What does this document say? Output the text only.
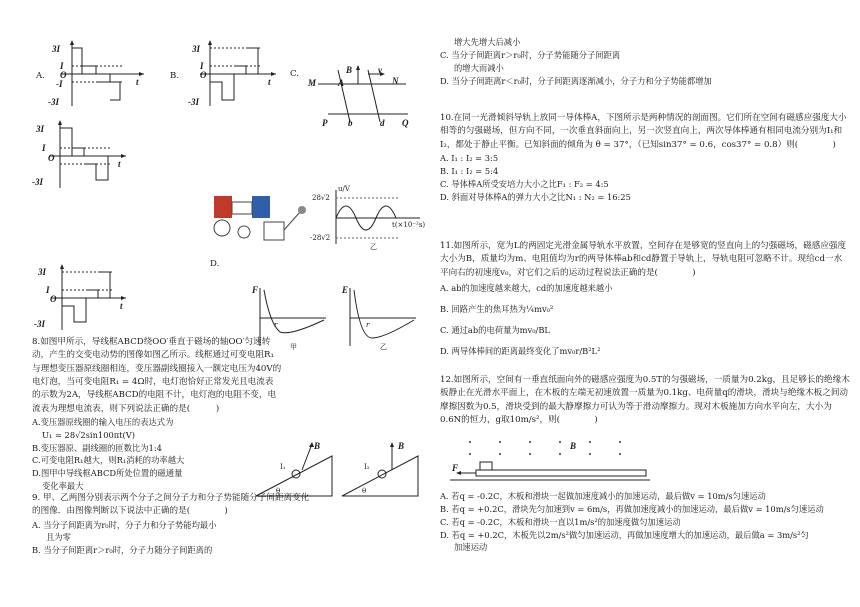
A.
3I
I
O
-I
-3I
t
B.
3I
I
O
-3I
t
C.
M A	N
B	v
P b	d Q
3I
I
O
-3I
t
u/V
28√2
-28√2
t(×10⁻²s)
乙
D.
3I
I
O
-3I
t
F	E
r	r
甲	乙

8.如图甲所示，导线框ABCD绕OO′垂直于磁场的轴OO′匀速转动，产生的交变电动势的图像如图乙所示。线框通过可变电阻R₁与理想变压器原线圈相连，变压器副线圈接入一额定电压为40V的电灯泡，当可变电阻R₁ = 4Ω时，电灯泡恰好正常发光且电流表的示数为2A，导线框ABCD的电阻不计，电灯泡的电阻不变，电流表为理想电流表，则下列说法正确的是(　　　)

A.变压器原线圈的输入电压的表达式为

U₁ = 28√2sin100πt(V)

B.变压器原、副线圈的匝数比为1:4

C.可变电阻R₁越大，则R₁消耗的功率越大

D.图甲中导线框ABCD所处位置的磁通量

变化率最大

I₁
B
θ
I₂
B
θ

9. 甲、乙两图分别表示两个分子之间分子力和分子势能随分子间距离变化的图像．由图像判断以下说法中正确的是(　　　　)

A. 当分子间距离为r₀时，分子力和分子势能均最小

且为零

B. 当分子间距离r＞r₀时，分子力随分子间距离的

增大先增大后减小

C. 当分子间距离r＞r₀时，分子势能随分子间距离

的增大而减小

D. 当分子间距离r＜r₀时，分子间距离逐渐减小，分子力和分子势能都增加

10.在同一光滑倾斜导轨上放同一导体棒A，下图所示是两种情况的剖面图。它们所在空间有磁感应强度大小相等的匀强磁场，但方向不同，一次垂直斜面向上，另一次竖直向上，两次导体棒通有相同电流分别为I₁和I₂，都处于静止平衡。已知斜面的倾角为 θ = 37°，（已知sin37° = 0.6，cos37° = 0.8）则(　　　　)

A. I₁ : I₂ = 3:5

B. I₁ : I₂ = 5:4

C. 导体棒A所受安培力大小之比F₁ : F₂ = 4:5

D. 斜面对导体棒A的弹力大小之比N₁ : N₂ = 16:25

11.如图所示，宽为L的两固定光滑金属导轨水平放置，空间存在是够宽的竖直向上的匀强磁场，磁感应强度大小为B，质量均为m、电阻值均为r的两导体棒ab和cd静置于导轨上，导轨电阻可忽略不计。现给cd一水平向右的初速度v₀，对它们之后的运动过程说法正确的是(　　　　)

A. ab的加速度越来越大，cd的加速度越来越小

B. 回路产生的焦耳热为¼mv₀²

C. 通过ab的电荷量为mv₀/BL

D. 两导体棒间的距离最终变化了mv₀r/B²L²

12.如图所示，空间有一垂直纸面向外的磁感应强度为0.5T的匀强磁场，一质量为0.2kg，且足够长的绝缘木板静止在光滑水平面上，在木板的左端无初速放置一质量为0.1kg、电荷量q的滑块，滑块与绝缘木板之间动摩擦因数为0.5，滑块受到的最大静摩擦力可认为等于滑动摩擦力。现对木板施加方向水平向左，大小为0.6N的恒力，g取10m/s²，则(　　　　)

F
B

A. 若q = -0.2C，木板和滑块一起做加速度减小的加速运动，最后做v = 10m/s匀速运动

B. 若q = +0.2C，滑块先匀加速到v = 6m/s，再做加速度减小的加速运动，最后做v = 10m/s匀速运动

C. 若q = -0.2C，木板和滑块一直以1m/s²的加速度做匀加速运动

D. 若q = +0.2C，木板先以2m/s²做匀加速运动，再做加速度增大的加速运动，最后做a = 3m/s²匀

加速运动
